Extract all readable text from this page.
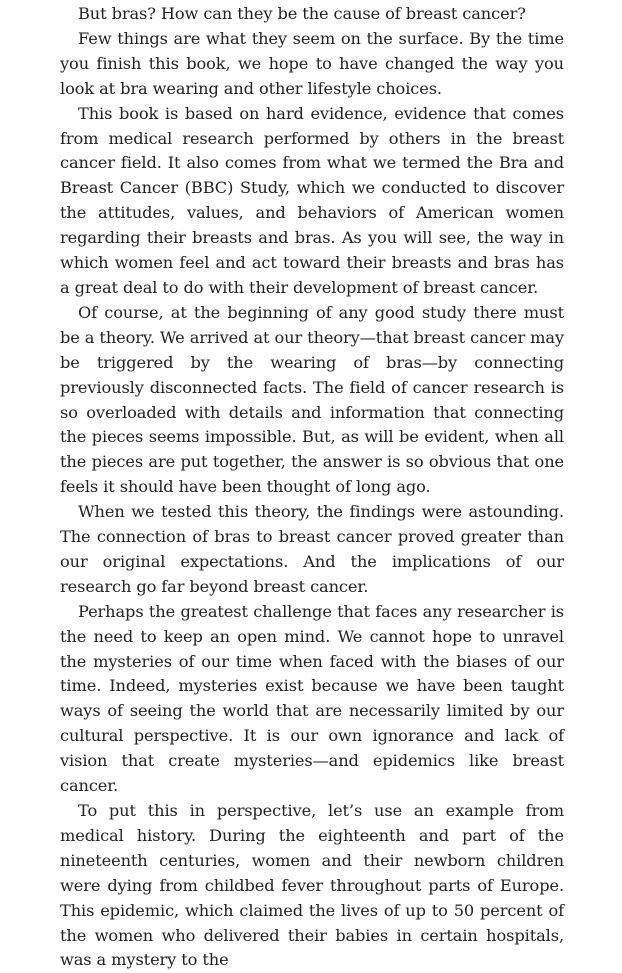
But bras? How can they be the cause of breast cancer?

Few things are what they seem on the surface. By the time you finish this book, we hope to have changed the way you look at bra wearing and other lifestyle choices.

This book is based on hard evidence, evidence that comes from medical research performed by others in the breast cancer field. It also comes from what we termed the Bra and Breast Cancer (BBC) Study, which we conducted to discover the attitudes, values, and behaviors of American women regarding their breasts and bras. As you will see, the way in which women feel and act toward their breasts and bras has a great deal to do with their development of breast cancer.

Of course, at the beginning of any good study there must be a theory. We arrived at our theory—that breast cancer may be triggered by the wearing of bras—by connecting previously disconnected facts. The field of cancer research is so overloaded with details and information that connecting the pieces seems impossible. But, as will be evident, when all the pieces are put together, the answer is so obvious that one feels it should have been thought of long ago.

When we tested this theory, the findings were astounding. The connection of bras to breast cancer proved greater than our original expectations. And the implications of our research go far beyond breast cancer.

Perhaps the greatest challenge that faces any researcher is the need to keep an open mind. We cannot hope to unravel the mysteries of our time when faced with the biases of our time. Indeed, mysteries exist because we have been taught ways of seeing the world that are necessarily limited by our cultural perspective. It is our own ignorance and lack of vision that create mysteries—and epidemics like breast cancer.

To put this in perspective, let’s use an example from medical history. During the eighteenth and part of the nineteenth centuries, women and their newborn children were dying from childbed fever throughout parts of Europe. This epidemic, which claimed the lives of up to 50 percent of the women who delivered their babies in certain hospitals, was a mystery to the
